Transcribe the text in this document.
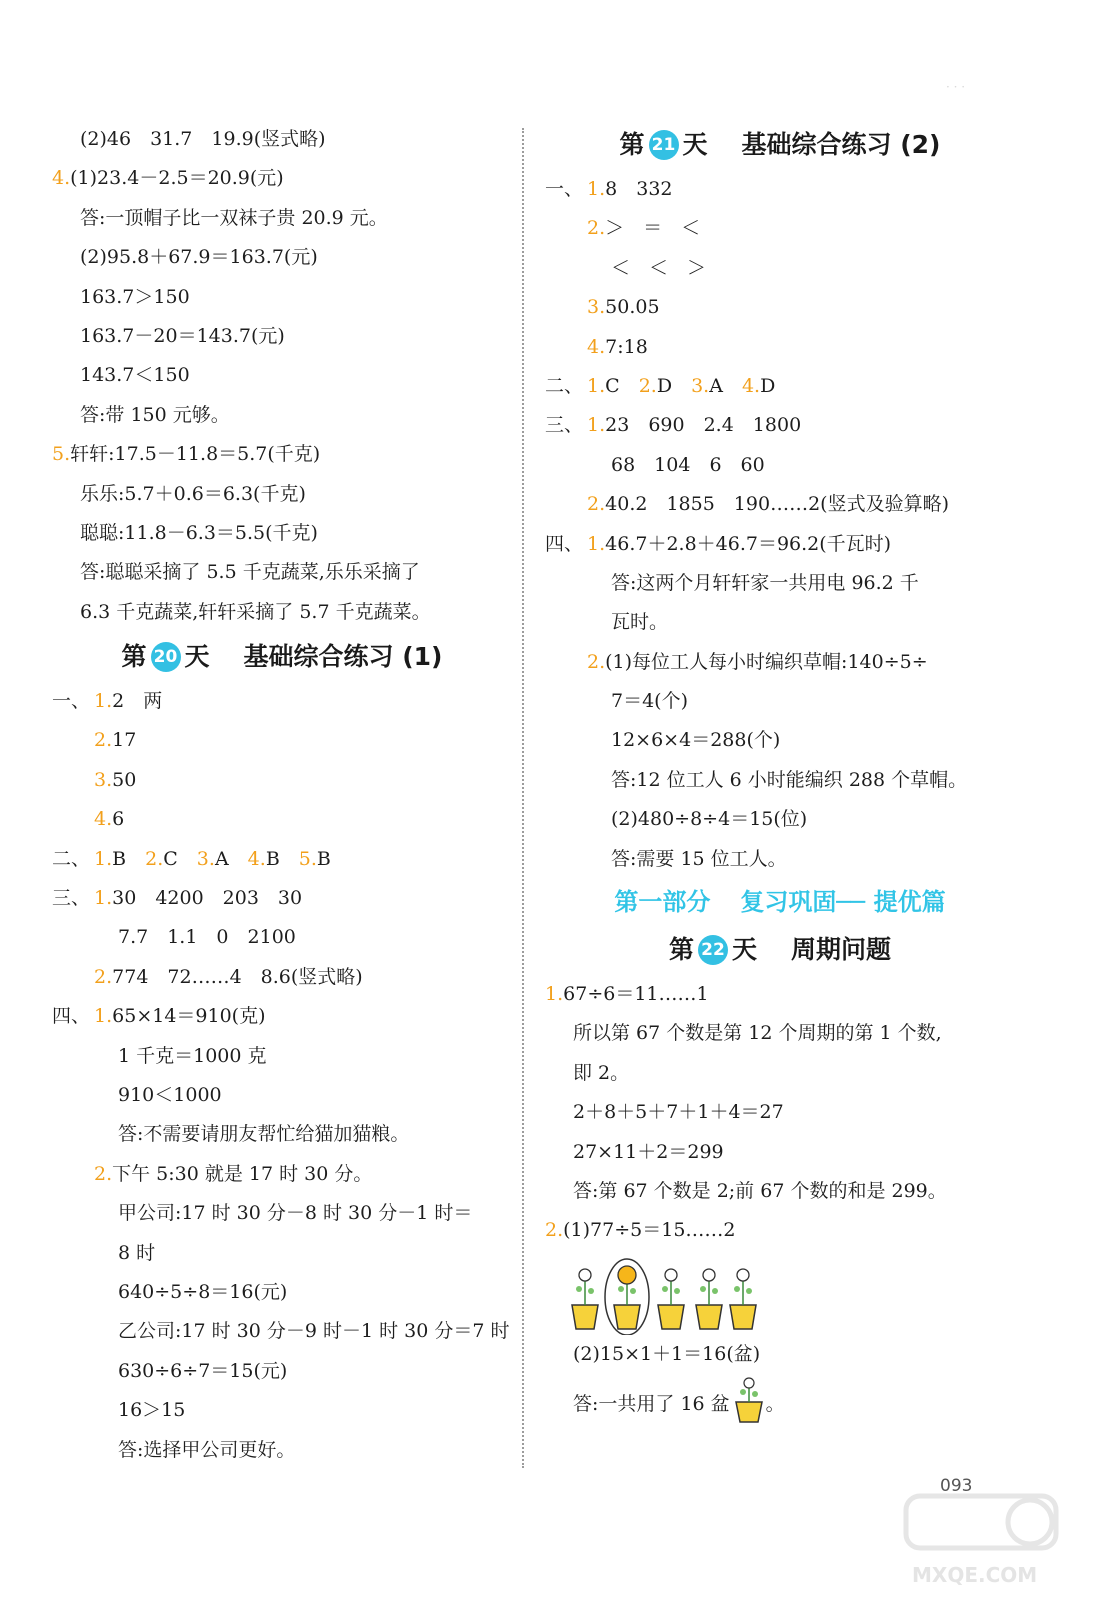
· · ·
(2)46　31.7　19.9(竖式略)
4.(1)23.4－2.5＝20.9(元)
答:一顶帽子比一双袜子贵 20.9 元。
(2)95.8＋67.9＝163.7(元)
163.7＞150
163.7－20＝143.7(元)
143.7＜150
答:带 150 元够。
5.轩轩:17.5－11.8＝5.7(千克)
乐乐:5.7＋0.6＝6.3(千克)
聪聪:11.8－6.3＝5.5(千克)
答:聪聪采摘了 5.5 千克蔬菜,乐乐采摘了
6.3 千克蔬菜,轩轩采摘了 5.7 千克蔬菜。
第 20 天 基础综合练习 (1)
一、 1.2　两
2.17
3.50
4.6
二、 1.B　2.C　3.A　4.B　5.B
三、 1.30　4200　203　30
7.7　1.1　0　2100
2.774　72……4　8.6(竖式略)
四、 1.65×14＝910(克)
1 千克＝1000 克
910＜1000
答:不需要请朋友帮忙给猫加猫粮。
2.下午 5:30 就是 17 时 30 分。
甲公司:17 时 30 分－8 时 30 分－1 时＝
8 时
640÷5÷8＝16(元)
乙公司:17 时 30 分－9 时－1 时 30 分＝7 时
630÷6÷7＝15(元)
16＞15
答:选择甲公司更好。
第 21 天 基础综合练习 (2)
一、 1.8　332
2.＞　＝　＜
＜　＜　＞
3.50.05
4.7:18
二、 1.C　2.D　3.A　4.D
三、 1.23　690　2.4　1800
68　104　6　60
2.40.2　1855　190……2(竖式及验算略)
四、 1.46.7＋2.8＋46.7＝96.2(千瓦时)
答:这两个月轩轩家一共用电 96.2 千
瓦时。
2.(1)每位工人每小时编织草帽:140÷5÷
7＝4(个)
12×6×4＝288(个)
答:12 位工人 6 小时能编织 288 个草帽。
(2)480÷8÷4＝15(位)
答:需要 15 位工人。
第一部分 复习巩固── 提优篇
第 22 天 周期问题
1.67÷6＝11……1
所以第 67 个数是第 12 个周期的第 1 个数,
即 2。
2＋8＋5＋7＋1＋4＝27
27×11＋2＝299
答:第 67 个数是 2;前 67 个数的和是 299。
2.(1)77÷5＝15……2
(2)15×1＋1＝16(盆)
答:一共用了 16 盆 。
093
MXQE.COM
